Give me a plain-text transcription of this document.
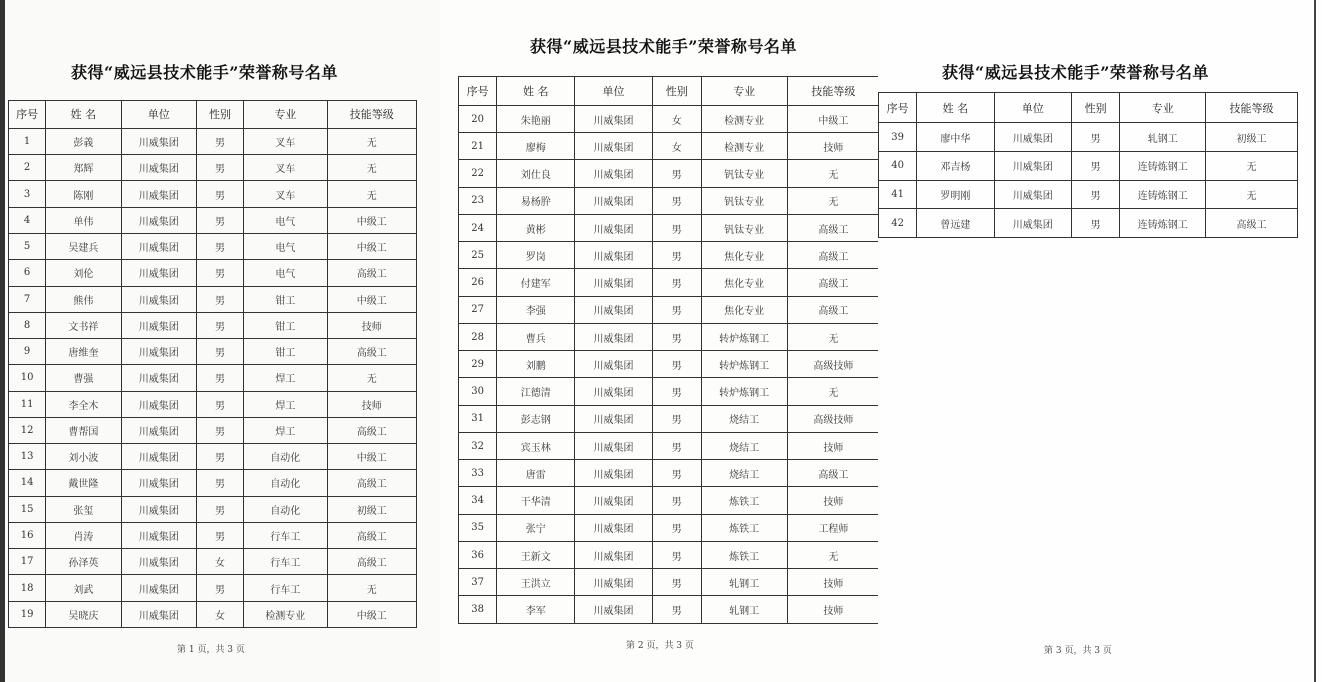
获得“威远县技术能手”荣誉称号名单
序号	姓 名	单位	性别	专业	技能等级
1	彭義	川威集团	男	叉车	无
2	郑辉	川威集团	男	叉车	无
3	陈刚	川威集团	男	叉车	无
4	单伟	川威集团	男	电气	中级工
5	吴建兵	川威集团	男	电气	中级工
6	刘伦	川威集团	男	电气	高级工
7	熊伟	川威集团	男	钳工	中级工
8	文书祥	川威集团	男	钳工	技师
9	唐维奎	川威集团	男	钳工	高级工
10	曹强	川威集团	男	焊工	无
11	李全木	川威集团	男	焊工	技师
12	曹帮国	川威集团	男	焊工	高级工
13	刘小波	川威集团	男	自动化	中级工
14	戴世隆	川威集团	男	自动化	高级工
15	张玺	川威集团	男	自动化	初级工
16	肖涛	川威集团	男	行车工	高级工
17	孙泽英	川威集团	女	行车工	高级工
18	刘武	川威集团	男	行车工	无
19	吴晓庆	川威集团	女	检测专业	中级工
第 1 页，共 3 页
获得“威远县技术能手”荣誉称号名单
序号	姓 名	单位	性别	专业	技能等级
20	朱艳丽	川威集团	女	检测专业	中级工
21	廖梅	川威集团	女	检测专业	技师
22	刘仕良	川威集团	男	钒钛专业	无
23	易杨肸	川威集团	男	钒钛专业	无
24	黄彬	川威集团	男	钒钛专业	高级工
25	罗岗	川威集团	男	焦化专业	高级工
26	付建军	川威集团	男	焦化专业	高级工
27	李强	川威集团	男	焦化专业	高级工
28	曹兵	川威集团	男	转炉炼钢工	无
29	刘鹏	川威集团	男	转炉炼钢工	高级技师
30	江德清	川威集团	男	转炉炼钢工	无
31	彭志钢	川威集团	男	烧结工	高级技师
32	宾玉林	川威集团	男	烧结工	技师
33	唐雷	川威集团	男	烧结工	高级工
34	干华清	川威集团	男	炼铁工	技师
35	张宁	川威集团	男	炼铁工	工程师
36	王新文	川威集团	男	炼铁工	无
37	王洪立	川威集团	男	轧钢工	技师
38	李军	川威集团	男	轧钢工	技师
第 2 页，共 3 页
获得“威远县技术能手”荣誉称号名单
序号	姓 名	单位	性别	专业	技能等级
39	廖中华	川威集团	男	轧钢工	初级工
40	邓吉杨	川威集团	男	连铸炼钢工	无
41	罗明刚	川威集团	男	连铸炼钢工	无
42	曾远建	川威集团	男	连铸炼钢工	高级工
第 3 页，共 3 页
